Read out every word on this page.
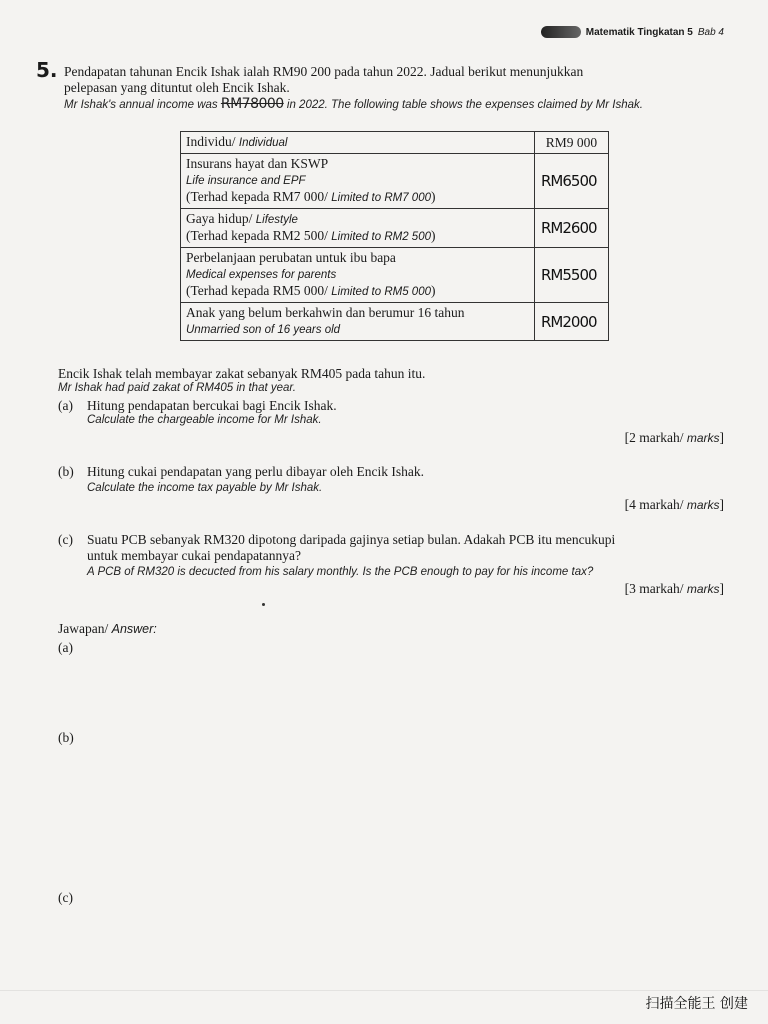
Matematik Tingkatan 5 Bab 4
5. Pendapatan tahunan Encik Ishak ialah RM90 200 pada tahun 2022. Jadual berikut menunjukkan

pelepasan yang dituntut oleh Encik Ishak.

Mr Ishak's annual income was RM78000 in 2022. The following table shows the expenses claimed by Mr Ishak.

Individu/ Individual	RM9 000

Insurans hayat dan KSWP
Life insurance and EPF
(Terhad kepada RM7 000/ Limited to RM7 000)	RM6500

Gaya hidup/ Lifestyle
(Terhad kepada RM2 500/ Limited to RM2 500)	RM2600

Perbelanjaan perubatan untuk ibu bapa
Medical expenses for parents
(Terhad kepada RM5 000/ Limited to RM5 000)	RM5500

Anak yang belum berkahwin dan berumur 16 tahun
Unmarried son of 16 years old	RM2000

Encik Ishak telah membayar zakat sebanyak RM405 pada tahun itu.

Mr Ishak had paid zakat of RM405 in that year.

(a) Hitung pendapatan bercukai bagi Encik Ishak.

Calculate the chargeable income for Mr Ishak.

[2 markah/ marks]

(b) Hitung cukai pendapatan yang perlu dibayar oleh Encik Ishak.

Calculate the income tax payable by Mr Ishak.

[4 markah/ marks]

(c) Suatu PCB sebanyak RM320 dipotong daripada gajinya setiap bulan. Adakah PCB itu mencukupi

untuk membayar cukai pendapatannya?

A PCB of RM320 is decucted from his salary monthly. Is the PCB enough to pay for his income tax?

[3 markah/ marks]

Jawapan/ Answer:

(a)

(b)

(c)

扫描全能王 创建
